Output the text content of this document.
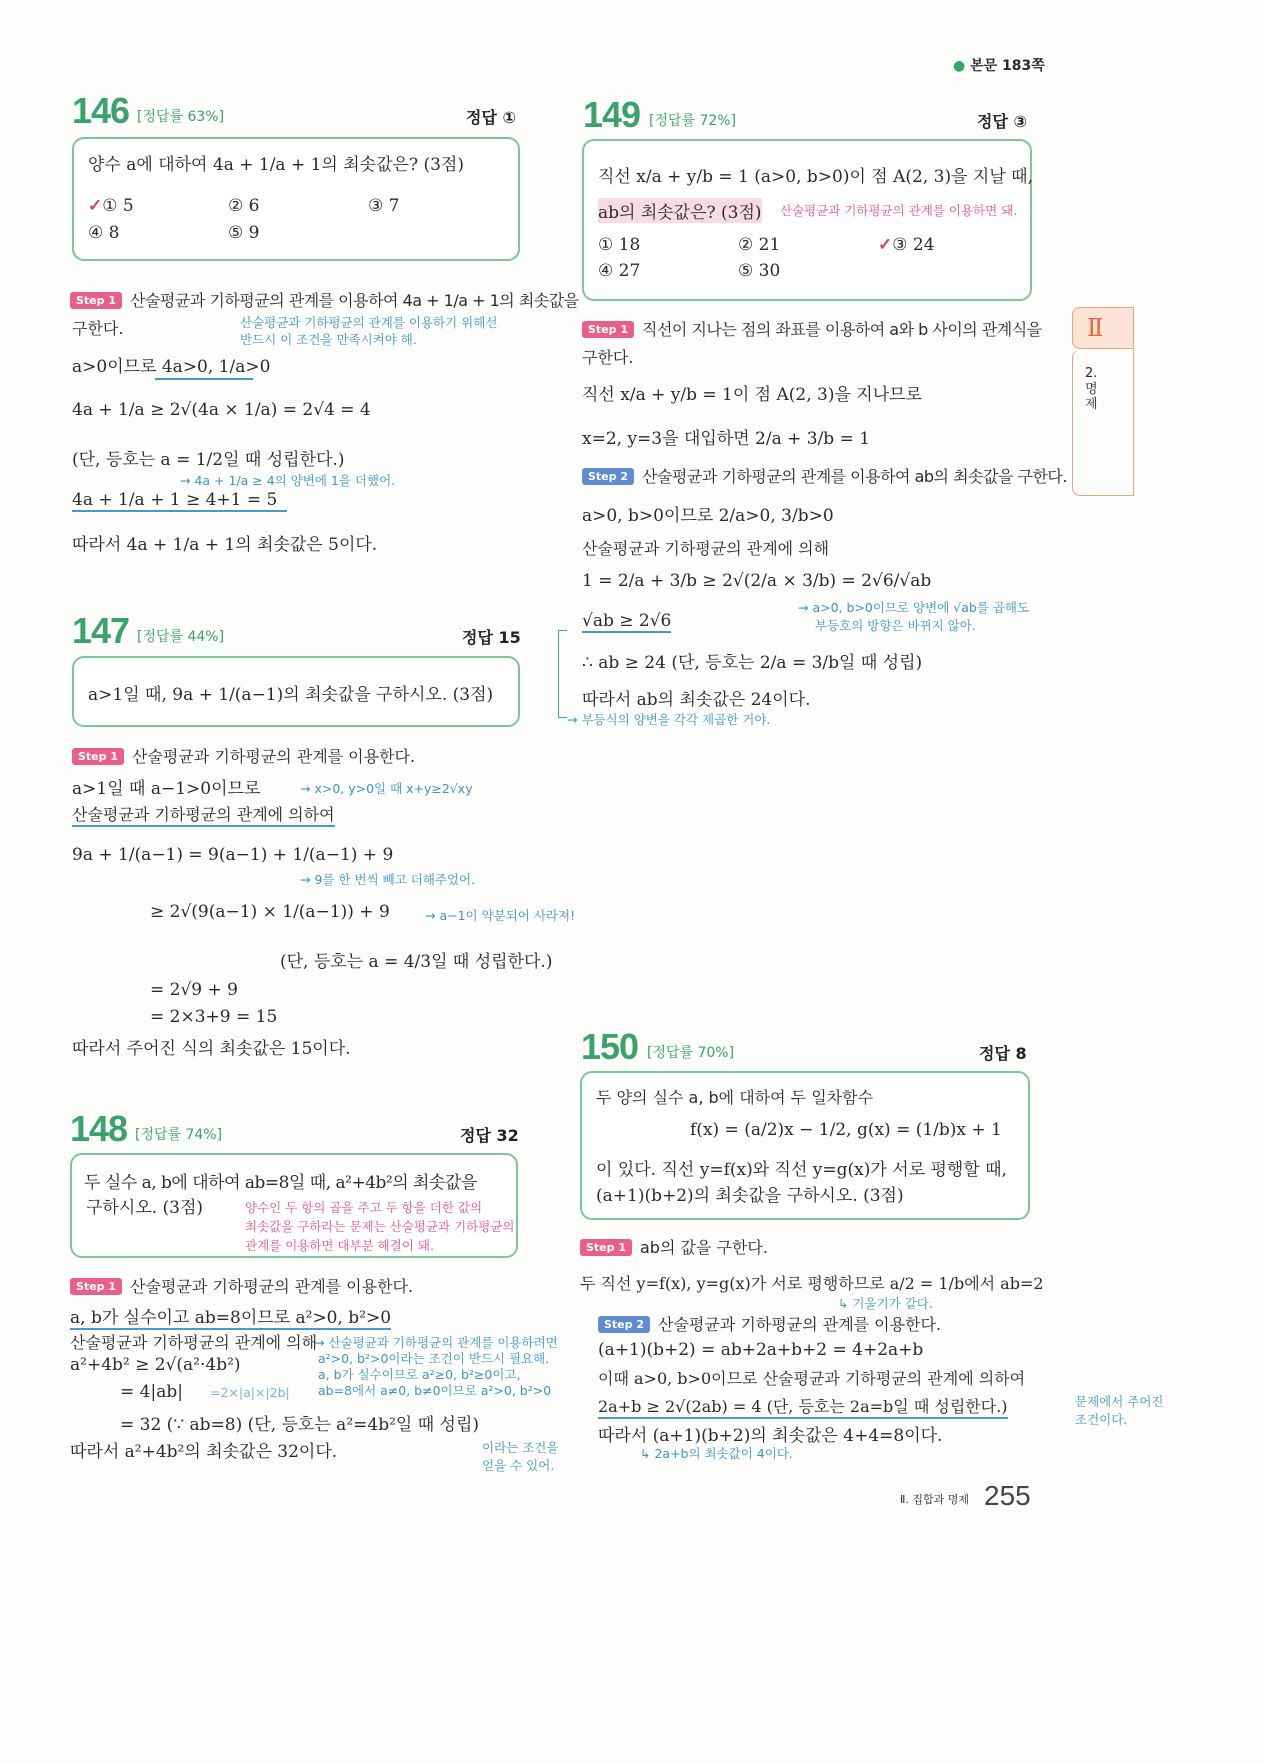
● 본문 183쪽
Ⅱ
2.
명제
146 [정답률 63%]	정답 ①
양수 a에 대하여 4a + 1/a + 1의 최솟값은? (3점)
✓① 5	② 6	③ 7
④ 8	⑤ 9
Step 1 산술평균과 기하평균의 관계를 이용하여 4a + 1/a + 1의 최솟값을
구한다.	산술평균과 기하평균의 관계를 이용하기 위해선
반드시 이 조건을 만족시켜야 해.
a>0이므로 4a>0, 1/a>0
4a + 1/a ≥ 2√(4a × 1/a) = 2√4 = 4
(단, 등호는 a = 1/2일 때 성립한다.)
→ 4a + 1/a ≥ 4의 양변에 1을 더했어.
4a + 1/a + 1 ≥ 4+1 = 5
따라서 4a + 1/a + 1의 최솟값은 5이다.
147 [정답률 44%]	정답 15
a>1일 때, 9a + 1/(a−1)의 최솟값을 구하시오. (3점)
Step 1 산술평균과 기하평균의 관계를 이용한다.
a>1일 때 a−1>0이므로	→ x>0, y>0일 때 x+y≥2√xy
산술평균과 기하평균의 관계에 의하여
9a + 1/(a−1) = 9(a−1) + 1/(a−1) + 9
→ 9를 한 번씩 빼고 더해주었어.
≥ 2√(9(a−1) × 1/(a−1)) + 9	→ a−1이 약분되어 사라져!
(단, 등호는 a = 4/3일 때 성립한다.)
= 2√9 + 9
= 2×3+9 = 15
따라서 주어진 식의 최솟값은 15이다.
148 [정답률 74%]	정답 32
두 실수 a, b에 대하여 ab=8일 때, a²+4b²의 최솟값을
구하시오. (3점)	양수인 두 항의 곱을 주고 두 항을 더한 값의
최솟값을 구하라는 문제는 산술평균과 기하평균의
관계를 이용하면 대부분 해결이 돼.
Step 1 산술평균과 기하평균의 관계를 이용한다.
a, b가 실수이고 ab=8이므로 a²>0, b²>0
산술평균과 기하평균의 관계에 의해
a²+4b² ≥ 2√(a²·4b²)
= 4|ab| =2×|a|×|2b|
= 32 (∵ ab=8) (단, 등호는 a²=4b²일 때 성립)
따라서 a²+4b²의 최솟값은 32이다.
→ 산술평균과 기하평균의 관계를 이용하려면
a²>0, b²>0이라는 조건이 반드시 필요해.
a, b가 실수이므로 a²≥0, b²≥0이고,
ab=8에서 a≠0, b≠0이므로 a²>0, b²>0
이라는 조건을
얻을 수 있어.
149 [정답률 72%]	정답 ③
직선 x/a + y/b = 1 (a>0, b>0)이 점 A(2, 3)을 지날 때,
ab의 최솟값은? (3점) 산술평균과 기하평균의 관계를 이용하면 돼.
① 18	② 21	✓③ 24
④ 27	⑤ 30
Step 1 직선이 지나는 점의 좌표를 이용하여 a와 b 사이의 관계식을
구한다.
직선 x/a + y/b = 1이 점 A(2, 3)을 지나므로
x=2, y=3을 대입하면 2/a + 3/b = 1
Step 2 산술평균과 기하평균의 관계를 이용하여 ab의 최솟값을 구한다.
a>0, b>0이므로 2/a>0, 3/b>0
산술평균과 기하평균의 관계에 의해
1 = 2/a + 3/b ≥ 2√(2/a × 3/b) = 2√6/√ab
→ a>0, b>0이므로 양변에 √ab를 곱해도
부등호의 방향은 바뀌지 않아.
√ab ≥ 2√6
∴ ab ≥ 24 (단, 등호는 2/a = 3/b일 때 성립)
따라서 ab의 최솟값은 24이다.
→ 부등식의 양변을 각각 제곱한 거야.
150 [정답률 70%]	정답 8
두 양의 실수 a, b에 대하여 두 일차함수
f(x) = (a/2)x − 1/2, g(x) = (1/b)x + 1
이 있다. 직선 y=f(x)와 직선 y=g(x)가 서로 평행할 때,
(a+1)(b+2)의 최솟값을 구하시오. (3점)
Step 1 ab의 값을 구한다.
두 직선 y=f(x), y=g(x)가 서로 평행하므로 a/2 = 1/b에서 ab=2
↳ 기울기가 같다.
Step 2 산술평균과 기하평균의 관계를 이용한다.
(a+1)(b+2) = ab+2a+b+2 = 4+2a+b
이때 a>0, b>0이므로 산술평균과 기하평균의 관계에 의하여
2a+b ≥ 2√(2ab) = 4 (단, 등호는 2a=b일 때 성립한다.)	문제에서 주어진
조건이다.
따라서 (a+1)(b+2)의 최솟값은 4+4=8이다.
↳ 2a+b의 최솟값이 4이다.
Ⅱ. 집합과 명제 255
